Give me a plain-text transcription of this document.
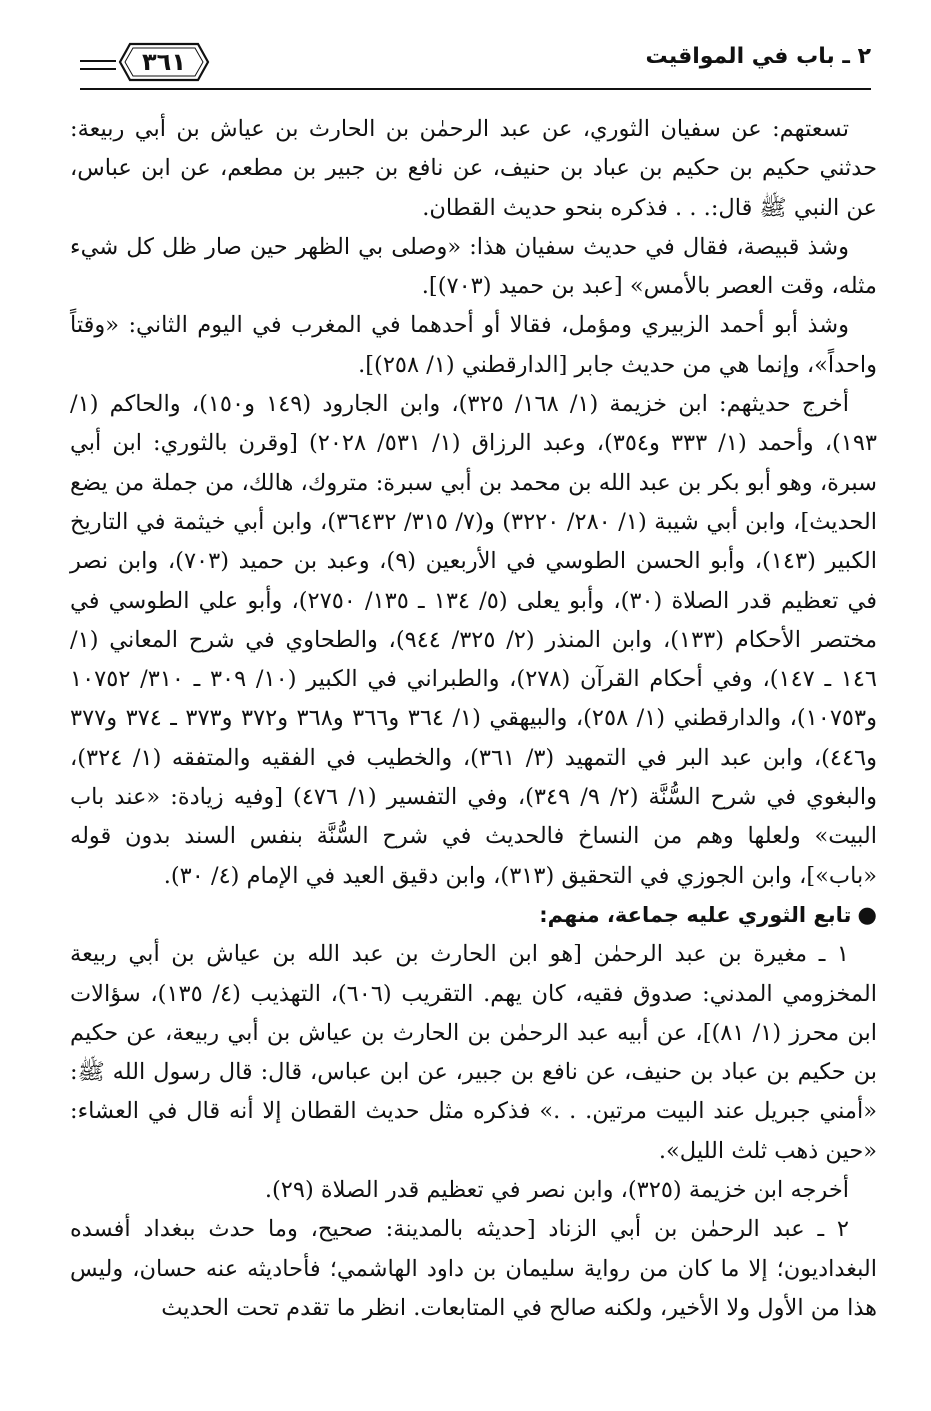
٢ ـ باب في المواقيت
٣٦١

تسعتهم: عن سفيان الثوري، عن عبد الرحمٰن بن الحارث بن عياش بن أبي ربيعة: حدثني حكيم بن حكيم بن عباد بن حنيف، عن نافع بن جبير بن مطعم، عن ابن عباس، عن النبي ﷺ قال:. . . فذكره بنحو حديث القطان.

وشذ قبيصة، فقال في حديث سفيان هذا: «وصلى بي الظهر حين صار ظل كل شيء مثله، وقت العصر بالأمس» [عبد بن حميد (٧٠٣)].

وشذ أبو أحمد الزبيري ومؤمل، فقالا أو أحدهما في المغرب في اليوم الثاني: «وقتاً واحداً»، وإنما هي من حديث جابر [الدارقطني (١/ ٢٥٨)].

أخرج حديثهم: ابن خزيمة (١/ ١٦٨/ ٣٢٥)، وابن الجارود (١٤٩ و١٥٠)، والحاكم (١/ ١٩٣)، وأحمد (١/ ٣٣٣ و٣٥٤)، وعبد الرزاق (١/ ٥٣١/ ٢٠٢٨) [وقرن بالثوري: ابن أبي سبرة، وهو أبو بكر بن عبد الله بن محمد بن أبي سبرة: متروك، هالك، من جملة من يضع الحديث]، وابن أبي شيبة (١/ ٢٨٠/ ٣٢٢٠) و(٧/ ٣١٥/ ٣٦٤٣٢)، وابن أبي خيثمة في التاريخ الكبير (١٤٣)، وأبو الحسن الطوسي في الأربعين (٩)، وعبد بن حميد (٧٠٣)، وابن نصر في تعظيم قدر الصلاة (٣٠)، وأبو يعلى (٥/ ١٣٤ ـ ١٣٥/ ٢٧٥٠)، وأبو علي الطوسي في مختصر الأحكام (١٣٣)، وابن المنذر (٢/ ٣٢٥/ ٩٤٤)، والطحاوي في شرح المعاني (١/ ١٤٦ ـ ١٤٧)، وفي أحكام القرآن (٢٧٨)، والطبراني في الكبير (١٠/ ٣٠٩ ـ ٣١٠/ ١٠٧٥٢ و١٠٧٥٣)، والدارقطني (١/ ٢٥٨)، والبيهقي (١/ ٣٦٤ و٣٦٦ و٣٦٨ و٣٧٢ و٣٧٣ ـ ٣٧٤ و٣٧٧ و٤٤٦)، وابن عبد البر في التمهيد (٣/ ٣٦١)، والخطيب في الفقيه والمتفقه (١/ ٣٢٤)، والبغوي في شرح السُّنَّة (٢/ ٩/ ٣٤٩)، وفي التفسير (١/ ٤٧٦) [وفيه زيادة: «عند باب البيت» ولعلها وهم من النساخ فالحديث في شرح السُّنَّة بنفس السند بدون قوله «باب»]، وابن الجوزي في التحقيق (٣١٣)، وابن دقيق العيد في الإمام (٤/ ٣٠).

●تابع الثوري عليه جماعة، منهم:

١ ـ مغيرة بن عبد الرحمٰن [هو ابن الحارث بن عبد الله بن عياش بن أبي ربيعة المخزومي المدني: صدوق فقيه، كان يهم. التقريب (٦٠٦)، التهذيب (٤/ ١٣٥)، سؤالات ابن محرز (١/ ٨١)]، عن أبيه عبد الرحمٰن بن الحارث بن عياش بن أبي ربيعة، عن حكيم بن حكيم بن عباد بن حنيف، عن نافع بن جبير، عن ابن عباس، قال: قال رسول الله ﷺ: «أمني جبريل عند البيت مرتين. . .» فذكره مثل حديث القطان إلا أنه قال في العشاء: «حين ذهب ثلث الليل».

أخرجه ابن خزيمة (٣٢٥)، وابن نصر في تعظيم قدر الصلاة (٢٩).

٢ ـ عبد الرحمٰن بن أبي الزناد [حديثه بالمدينة: صحيح، وما حدث ببغداد أفسده البغداديون؛ إلا ما كان من رواية سليمان بن داود الهاشمي؛ فأحاديثه عنه حسان، وليس هذا من الأول ولا الأخير، ولكنه صالح في المتابعات. انظر ما تقدم تحت الحديث
